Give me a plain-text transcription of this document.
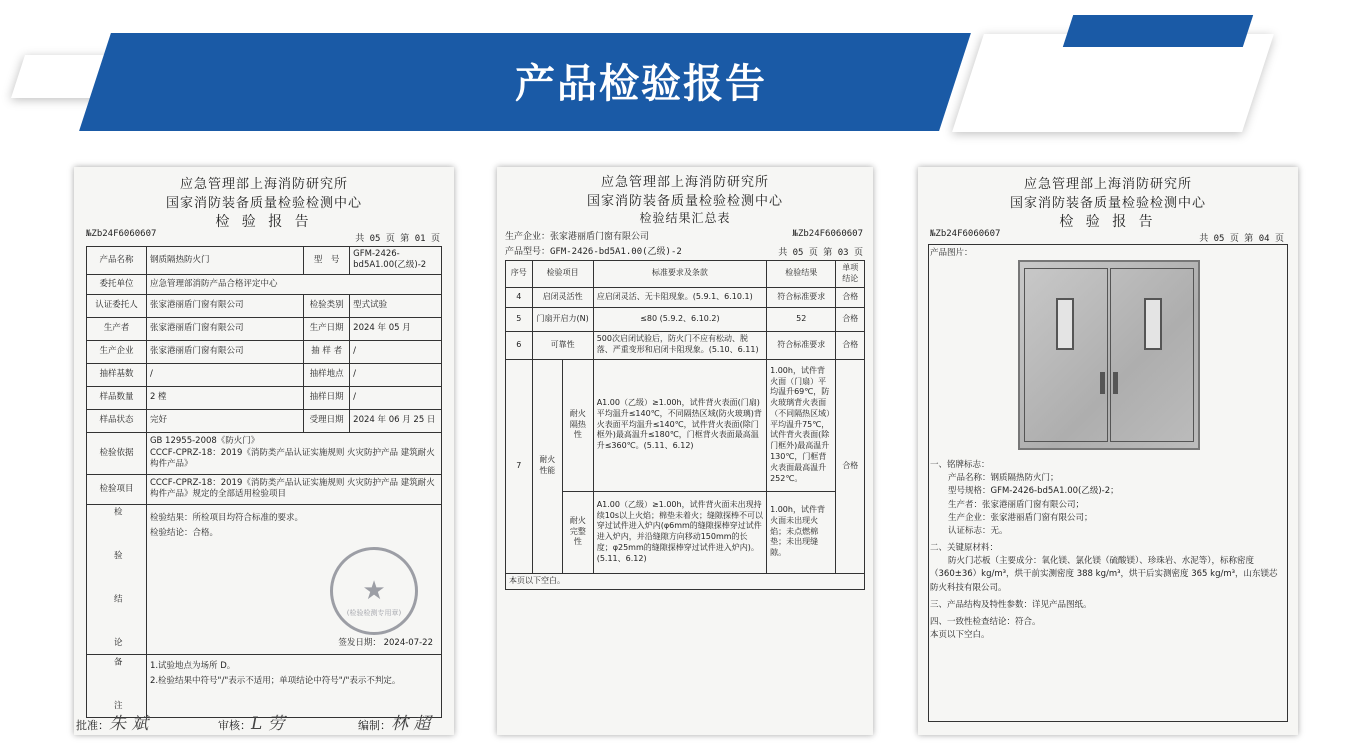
产品检验报告
应急管理部上海消防研究所
国家消防装备质量检验检测中心
检 验 报 告
№Zb24F6060607	共 05 页 第 01 页
产品名称	钢质隔热防火门	型　号	GFM-2426-bd5A1.00(乙级)-2
委托单位	应急管理部消防产品合格评定中心		
认证委托人	张家港丽盾门窗有限公司	检验类别	型式试验
生产者	张家港丽盾门窗有限公司	生产日期	2024 年 05 月
生产企业	张家港丽盾门窗有限公司	抽 样 者	/
抽样基数	/	抽样地点	/
样品数量	2 樘	抽样日期	/
样品状态	完好	受理日期	2024 年 06 月 25 日
检验依据	GB 12955-2008《防火门》
CCCF-CPRZ-18：2019《消防类产品认证实施规则 火灾防护产品 建筑耐火构件产品》		
检验项目	CCCF-CPRZ-18：2019《消防类产品认证实施规则 火灾防护产品 建筑耐火构件产品》规定的全部适用检验项目		
检　　验　　结　　论	检验结果：所检项目均符合标准的要求。
检验结论：合格。
签发日期： 2024-07-22		

备　　注	1.试验地点为场所 D。
2.检验结果中符号"/"表示不适用；单项结论中符号"/"表示不判定。		
★
(检验检测专用章)
批准：朱 斌	审核：L 劳	编制：林 超
应急管理部上海消防研究所
国家消防装备质量检验检测中心
检验结果汇总表
生产企业：张家港丽盾门窗有限公司	№Zb24F6060607
产品型号：GFM-2426-bd5A1.00(乙级)-2	共 05 页 第 03 页
序号	检验项目		标准要求及条款	检验结果	单项结论
4	启闭灵活性		应启闭灵活、无卡阻现象。(5.9.1、6.10.1)	符合标准要求	合格
5	门扇开启力(N)		≤80 (5.9.2、6.10.2)	52	合格
6	可靠性		500次启闭试验后，防火门不应有松动、脱落、严重变形和启闭卡阻现象。(5.10、6.11)	符合标准要求	合格
7	耐火性能	耐火隔热性	A1.00（乙级）≥1.00h，试件背火表面(门扇)平均温升≤140℃，不同隔热区域(防火玻璃)背火表面平均温升≤140℃，试件背火表面(除门框外)最高温升≤180℃，门框背火表面最高温升≤360℃。(5.11、6.12)	1.00h，试件背火面（门扇）平均温升69℃，防火玻璃背火表面（不同隔热区域）平均温升75℃，试件背火表面(除门框外)最高温升130℃，门框背火表面最高温升252℃。	合格
		耐火完整性	A1.00（乙级）≥1.00h，试件背火面未出现持续10s以上火焰；棉垫未着火；缝隙探棒不可以穿过试件进入炉内(φ6mm的缝隙探棒穿过试件进入炉内，并沿缝隙方向移动150mm的长度；φ25mm的缝隙探棒穿过试件进入炉内)。(5.11、6.12)	1.00h，试件背火面未出现火焰；未点燃棉垫；未出现缝隙。	
本页以下空白。					
应急管理部上海消防研究所
国家消防装备质量检验检测中心
检 验 报 告
№Zb24F6060607	共 05 页 第 04 页
产品图片：
一、铭牌标志：
产品名称：钢质隔热防火门；
型号规格：GFM-2426-bd5A1.00(乙级)-2；
生产者：张家港丽盾门窗有限公司；
生产企业：张家港丽盾门窗有限公司；
认证标志：无。
二、关键原材料：
防火门芯板（主要成分：氧化镁、氯化镁（硫酸镁）、珍珠岩、水泥等），标称密度（360±36）kg/m³，烘干前实测密度 388 kg/m³，烘干后实测密度 365 kg/m³，山东镁芯防火科技有限公司。
三、产品结构及特性参数：详见产品图纸。
四、一致性检查结论：符合。
本页以下空白。
